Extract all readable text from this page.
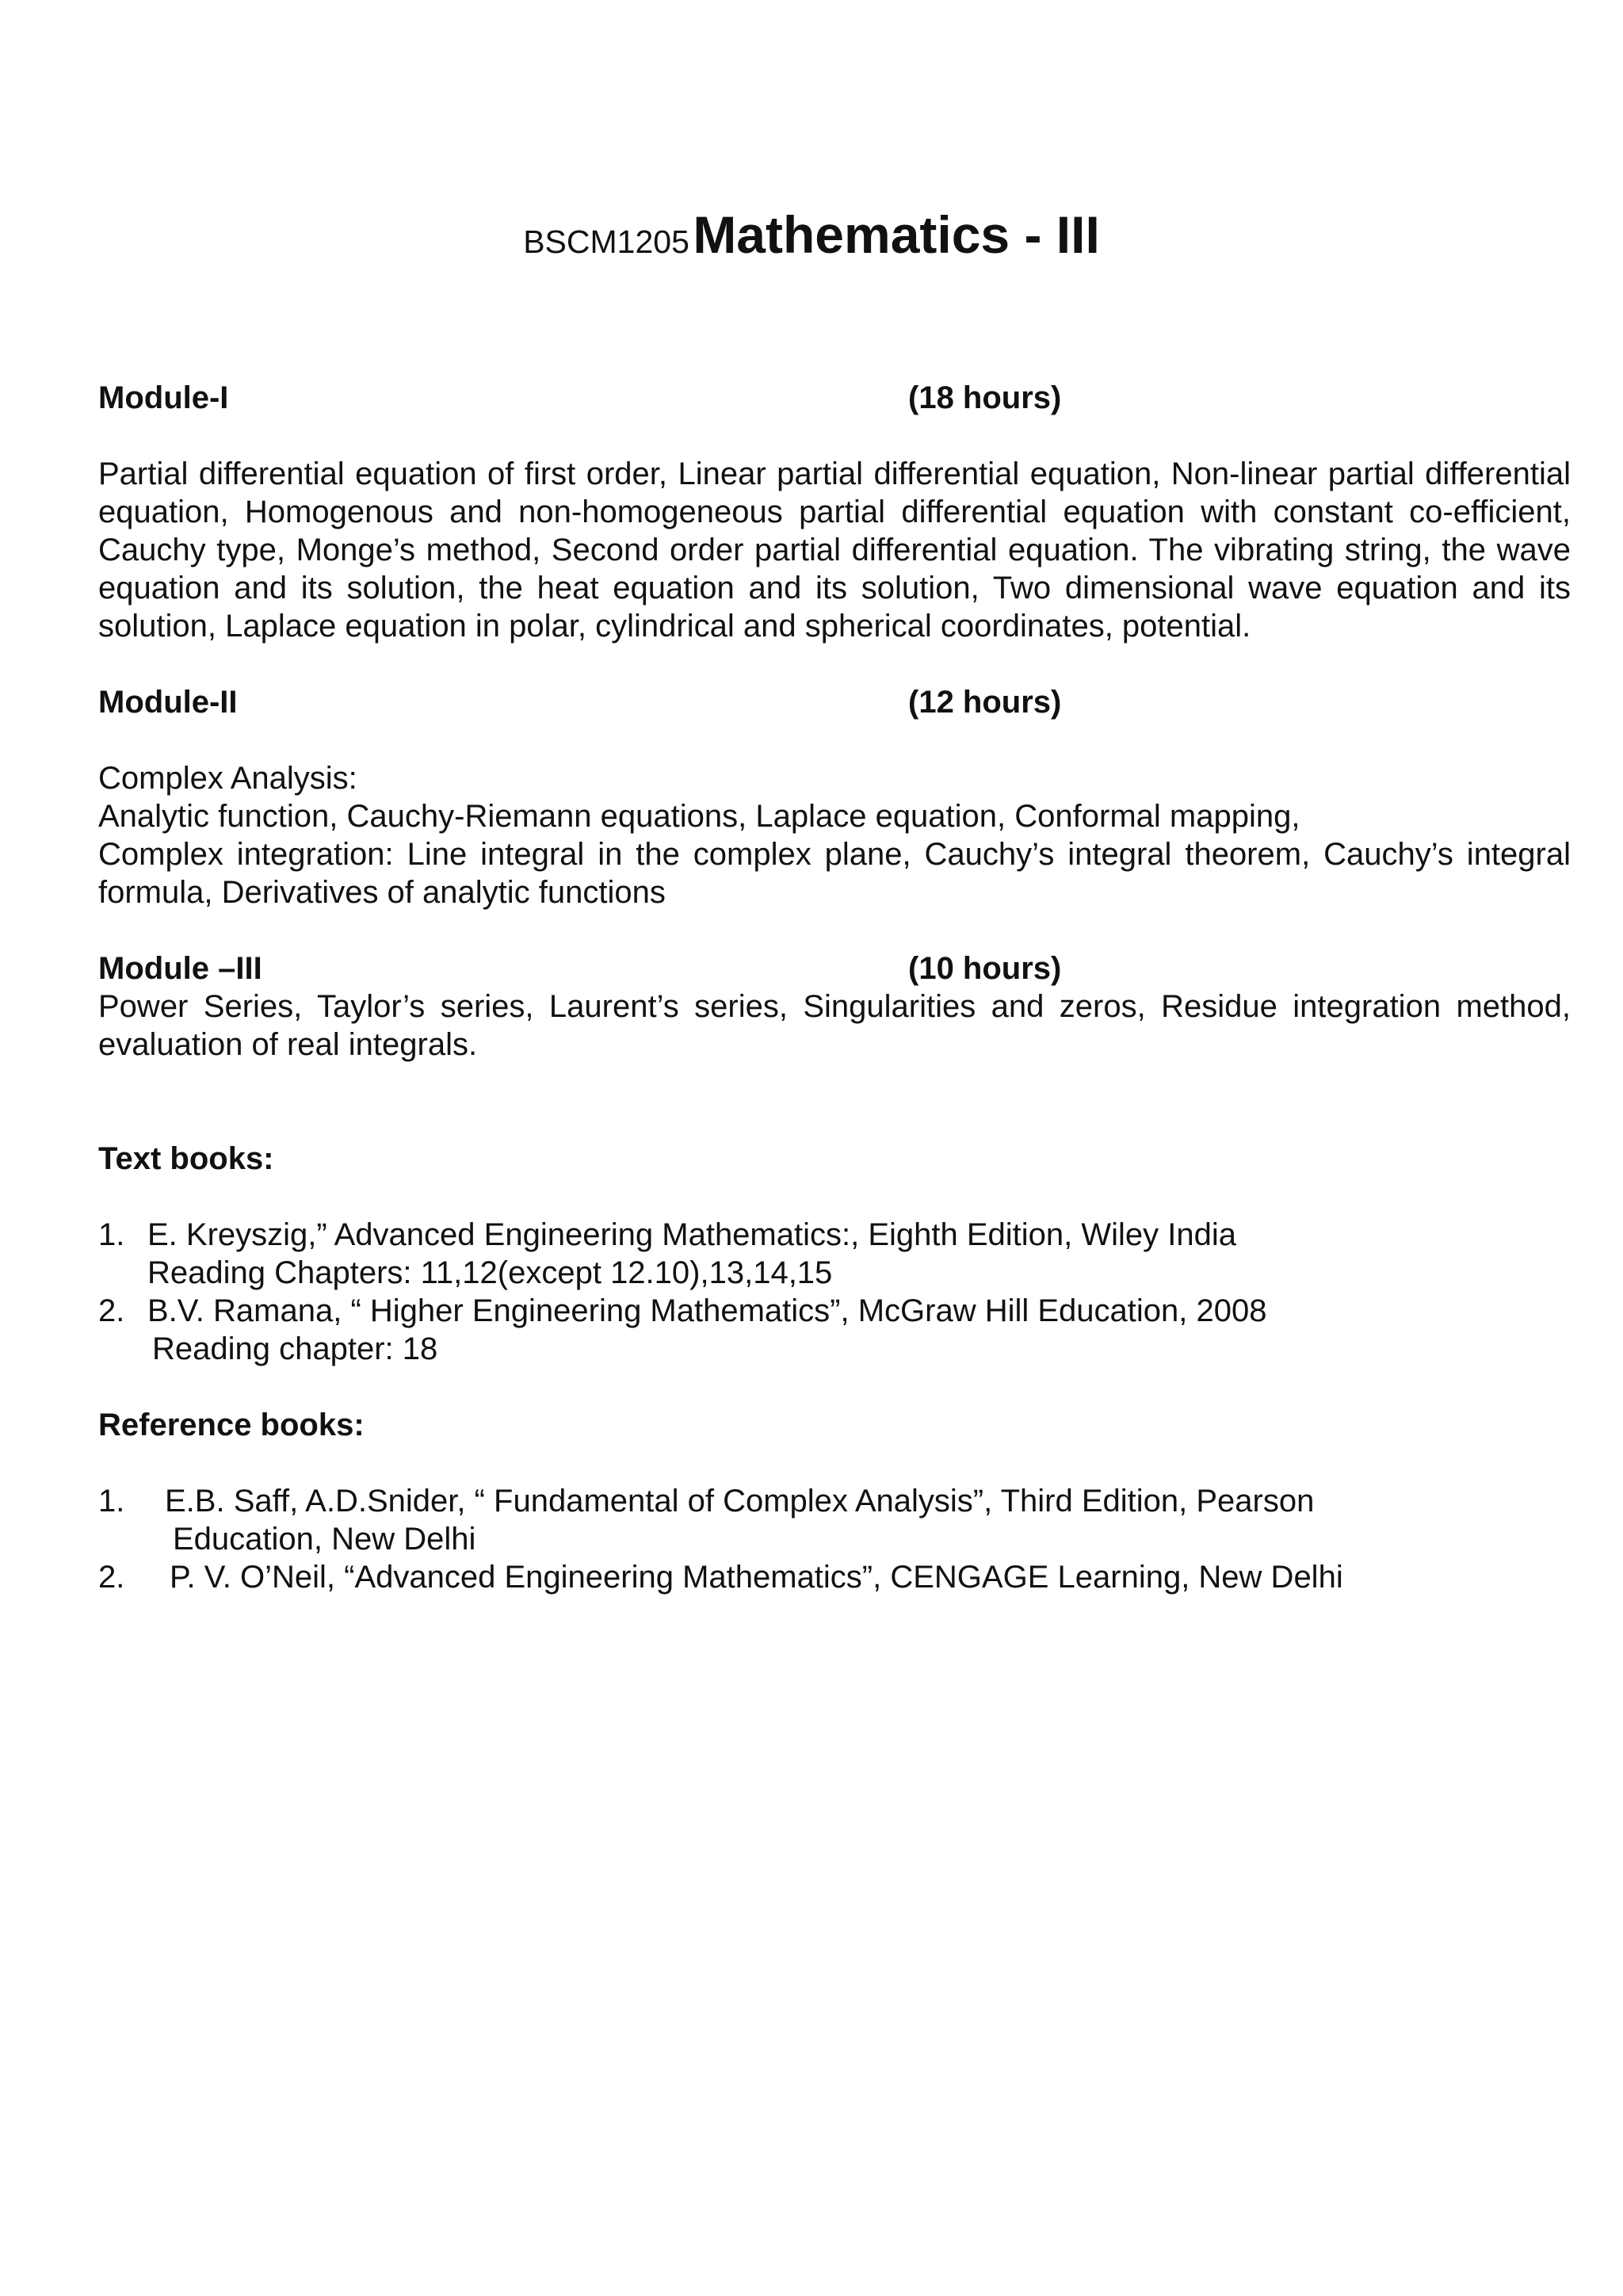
BSCM1205 Mathematics - III
Module-I	(18 hours)

Partial differential equation of first order, Linear partial differential equation, Non-linear partial differential equation, Homogenous and non-homogeneous partial differential equation with constant co-efficient, Cauchy type, Monge’s method, Second order partial differential equation. The vibrating string, the wave equation and its solution, the heat equation and its solution, Two dimensional wave equation and its solution, Laplace equation in polar, cylindrical and spherical coordinates, potential.

Module-II	(12 hours)
Complex Analysis:
Analytic function, Cauchy-Riemann equations, Laplace equation, Conformal mapping,

Complex integration: Line integral in the complex plane, Cauchy’s integral theorem, Cauchy’s integral formula, Derivatives of analytic functions

Module –III	(10 hours)

Power Series, Taylor’s series, Laurent’s series, Singularities and zeros, Residue integration method, evaluation of real integrals.

Text books:
1. E. Kreyszig,” Advanced Engineering Mathematics:, Eighth Edition, Wiley India
Reading Chapters: 11,12(except 12.10),13,14,15
2. B.V. Ramana, “ Higher Engineering Mathematics”, McGraw Hill Education, 2008
Reading chapter: 18
Reference books:
1. E.B. Saff, A.D.Snider, “ Fundamental of Complex Analysis”, Third Edition, Pearson
Education, New Delhi
2. P. V. O’Neil, “Advanced Engineering Mathematics”, CENGAGE Learning, New Delhi
